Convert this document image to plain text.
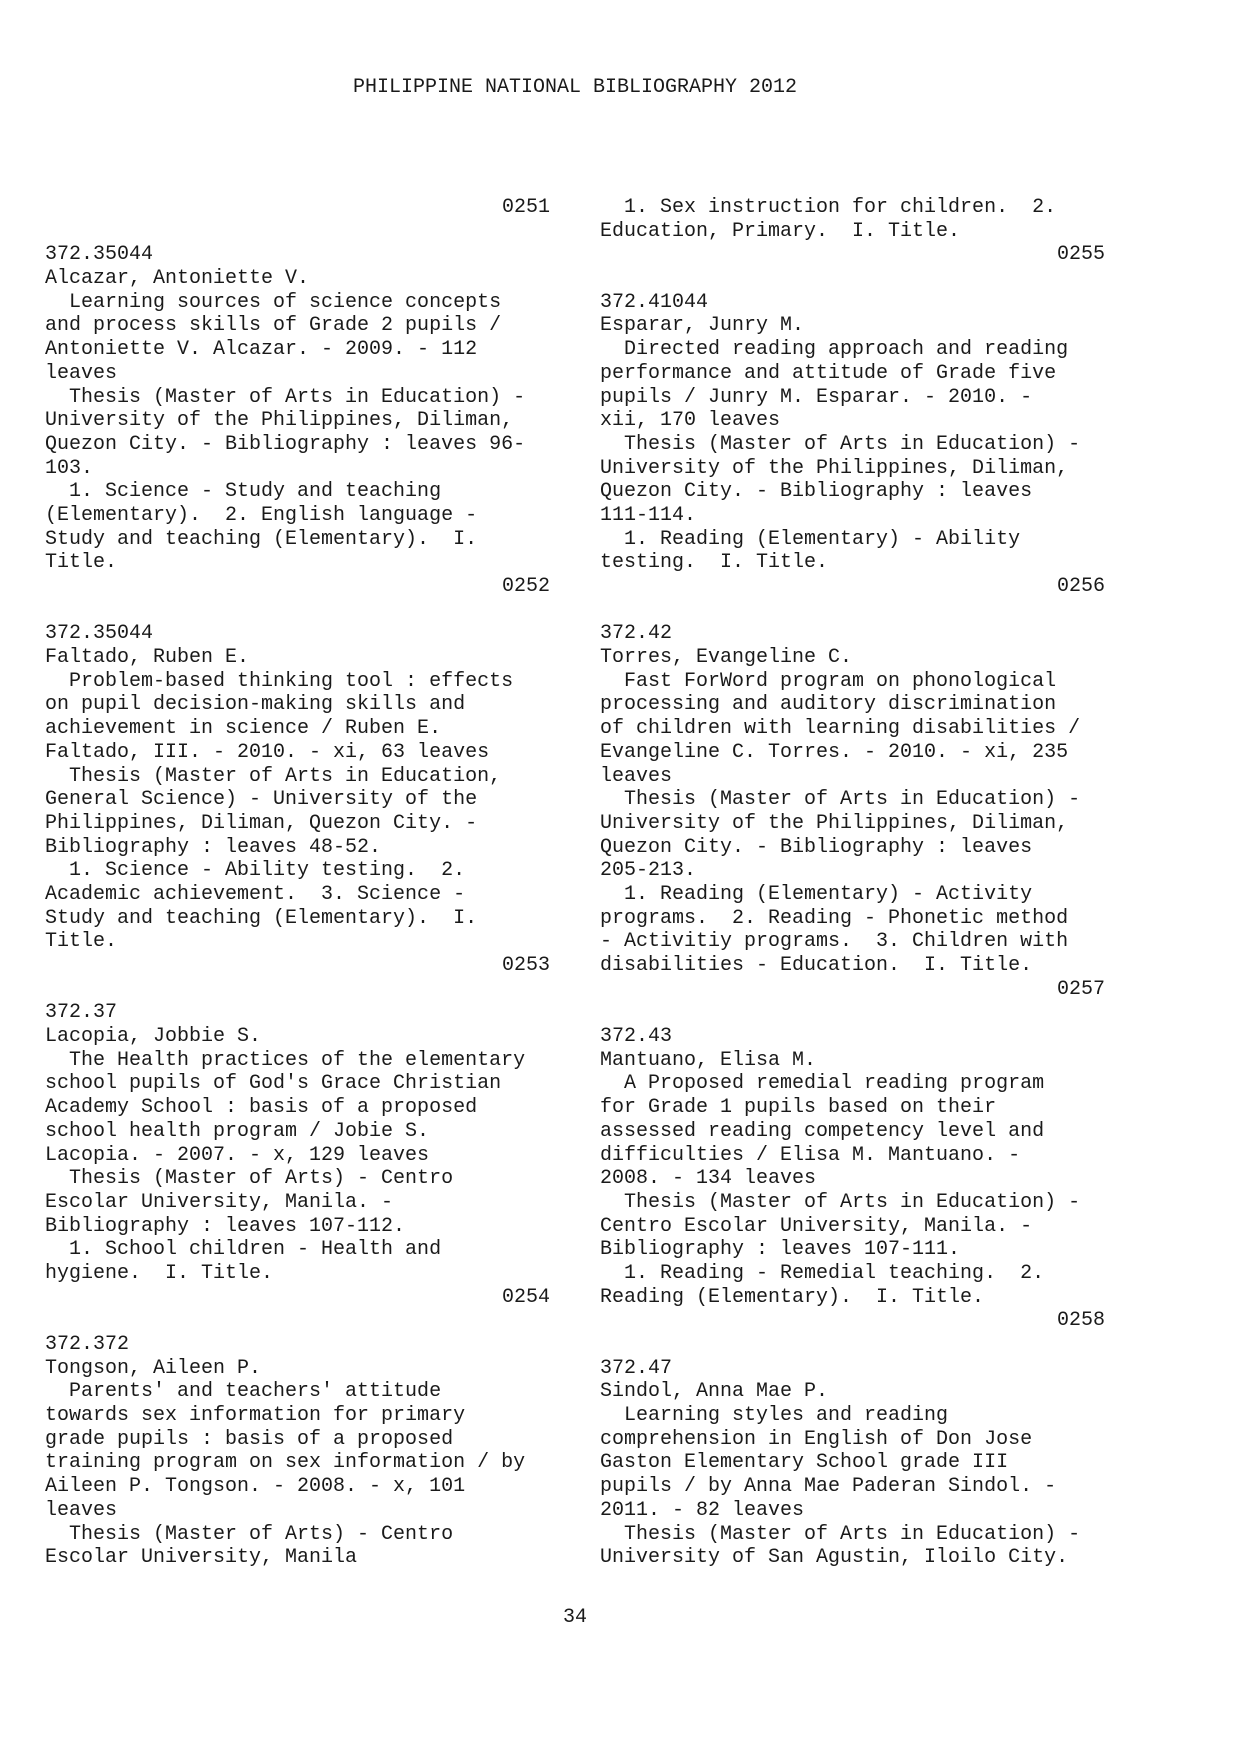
PHILIPPINE NATIONAL BIBLIOGRAPHY 2012
0251
372.35044
Alcazar, Antoniette V.
Learning sources of science concepts
and process skills of Grade 2 pupils /
Antoniette V. Alcazar. - 2009. - 112
leaves
Thesis (Master of Arts in Education) -
University of the Philippines, Diliman,
Quezon City. - Bibliography : leaves 96-
103.
1. Science - Study and teaching
(Elementary).  2. English language -
Study and teaching (Elementary).  I.
Title.
0252
372.35044
Faltado, Ruben E.
Problem-based thinking tool : effects
on pupil decision-making skills and
achievement in science / Ruben E.
Faltado, III. - 2010. - xi, 63 leaves
Thesis (Master of Arts in Education,
General Science) - University of the
Philippines, Diliman, Quezon City. -
Bibliography : leaves 48-52.
1. Science - Ability testing.  2.
Academic achievement.  3. Science -
Study and teaching (Elementary).  I.
Title.
0253
372.37
Lacopia, Jobbie S.
The Health practices of the elementary
school pupils of God's Grace Christian
Academy School : basis of a proposed
school health program / Jobie S.
Lacopia. - 2007. - x, 129 leaves
Thesis (Master of Arts) - Centro
Escolar University, Manila. -
Bibliography : leaves 107-112.
1. School children - Health and
hygiene.  I. Title.
0254
372.372
Tongson, Aileen P.
Parents' and teachers' attitude
towards sex information for primary
grade pupils : basis of a proposed
training program on sex information / by
Aileen P. Tongson. - 2008. - x, 101
leaves
Thesis (Master of Arts) - Centro
Escolar University, Manila
1. Sex instruction for children.  2.
Education, Primary.  I. Title.
0255
372.41044
Esparar, Junry M.
Directed reading approach and reading
performance and attitude of Grade five
pupils / Junry M. Esparar. - 2010. -
xii, 170 leaves
Thesis (Master of Arts in Education) -
University of the Philippines, Diliman,
Quezon City. - Bibliography : leaves
111-114.
1. Reading (Elementary) - Ability
testing.  I. Title.
0256
372.42
Torres, Evangeline C.
Fast ForWord program on phonological
processing and auditory discrimination
of children with learning disabilities /
Evangeline C. Torres. - 2010. - xi, 235
leaves
Thesis (Master of Arts in Education) -
University of the Philippines, Diliman,
Quezon City. - Bibliography : leaves
205-213.
1. Reading (Elementary) - Activity
programs.  2. Reading - Phonetic method
- Activitiy programs.  3. Children with
disabilities - Education.  I. Title.
0257
372.43
Mantuano, Elisa M.
A Proposed remedial reading program
for Grade 1 pupils based on their
assessed reading competency level and
difficulties / Elisa M. Mantuano. -
2008. - 134 leaves
Thesis (Master of Arts in Education) -
Centro Escolar University, Manila. -
Bibliography : leaves 107-111.
1. Reading - Remedial teaching.  2.
Reading (Elementary).  I. Title.
0258
372.47
Sindol, Anna Mae P.
Learning styles and reading
comprehension in English of Don Jose
Gaston Elementary School grade III
pupils / by Anna Mae Paderan Sindol. -
2011. - 82 leaves
Thesis (Master of Arts in Education) -
University of San Agustin, Iloilo City.
34
